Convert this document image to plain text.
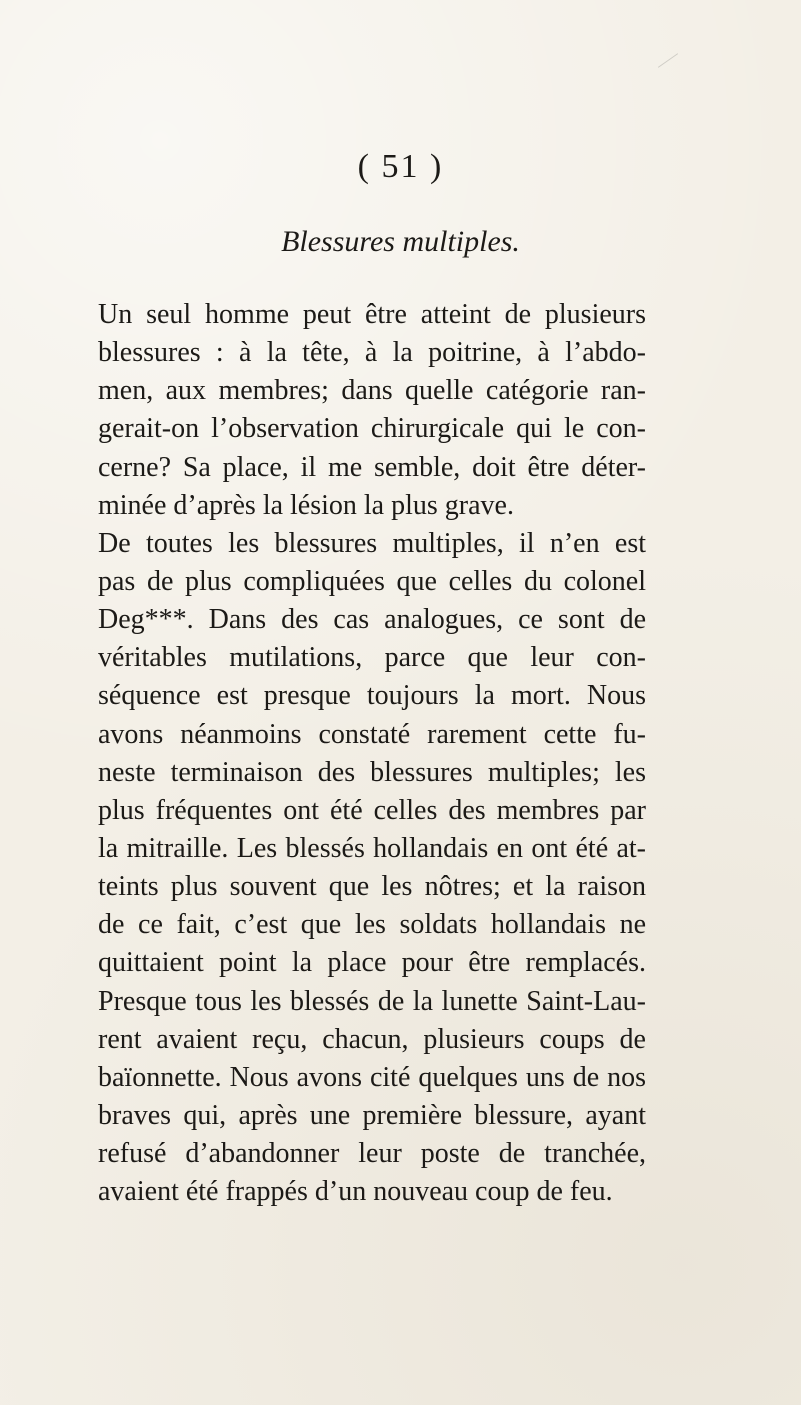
( 51 )
Blessures multiples.
Un seul homme peut être atteint de plusieurs
blessures : à la tête, à la poitrine, à l’abdo-
men, aux membres; dans quelle catégorie ran-
gerait-on l’observation chirurgicale qui le con-
cerne? Sa place, il me semble, doit être déter-
minée d’après la lésion la plus grave.
De toutes les blessures multiples, il n’en est
pas de plus compliquées que celles du colonel
Deg***. Dans des cas analogues, ce sont de
véritables mutilations, parce que leur con-
séquence est presque toujours la mort. Nous
avons néanmoins constaté rarement cette fu-
neste terminaison des blessures multiples; les
plus fréquentes ont été celles des membres par
la mitraille. Les blessés hollandais en ont été at-
teints plus souvent que les nôtres; et la raison
de ce fait, c’est que les soldats hollandais ne
quittaient point la place pour être remplacés.
Presque tous les blessés de la lunette Saint-Lau-
rent avaient reçu, chacun, plusieurs coups de
baïonnette. Nous avons cité quelques uns de nos
braves qui, après une première blessure, ayant
refusé d’abandonner leur poste de tranchée,
avaient été frappés d’un nouveau coup de feu.
